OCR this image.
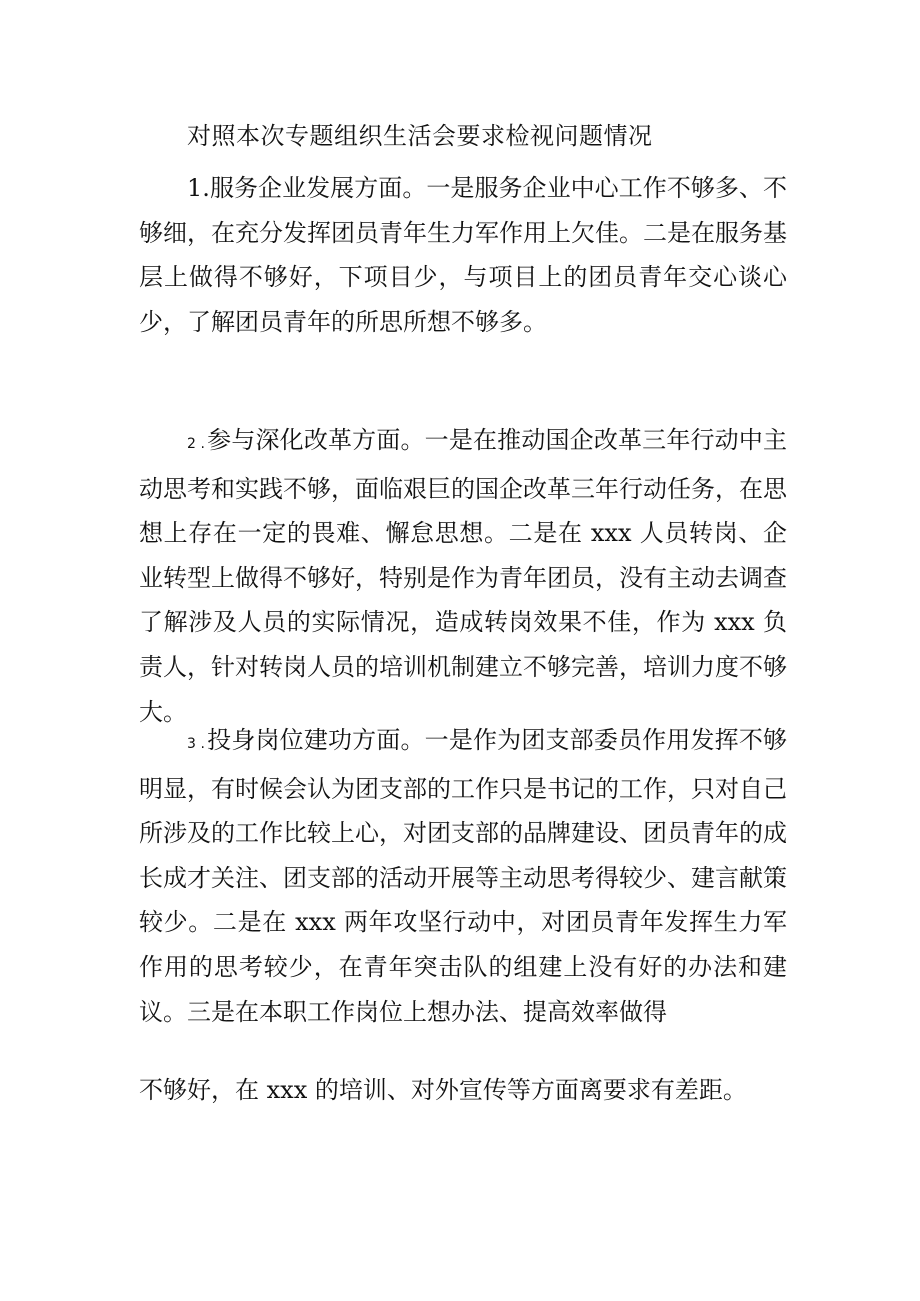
对照本次专题组织生活会要求检视问题情况

1.服务企业发展方面。一是服务企业中心工作不够多、不够细，在充分发挥团员青年生力军作用上欠佳。二是在服务基层上做得不够好，下项目少，与项目上的团员青年交心谈心少，了解团员青年的所思所想不够多。

2 .参与深化改革方面。一是在推动国企改革三年行动中主动思考和实践不够，面临艰巨的国企改革三年行动任务，在思想上存在一定的畏难、懈怠思想。二是在 xxx 人员转岗、企业转型上做得不够好，特别是作为青年团员，没有主动去调查了解涉及人员的实际情况，造成转岗效果不佳，作为 xxx 负责人，针对转岗人员的培训机制建立不够完善，培训力度不够大。

3 .投身岗位建功方面。一是作为团支部委员作用发挥不够明显，有时候会认为团支部的工作只是书记的工作，只对自己所涉及的工作比较上心，对团支部的品牌建设、团员青年的成长成才关注、团支部的活动开展等主动思考得较少、建言献策较少。二是在 xxx 两年攻坚行动中，对团员青年发挥生力军作用的思考较少，在青年突击队的组建上没有好的办法和建议。三是在本职工作岗位上想办法、提高效率做得

不够好，在 xxx 的培训、对外宣传等方面离要求有差距。
